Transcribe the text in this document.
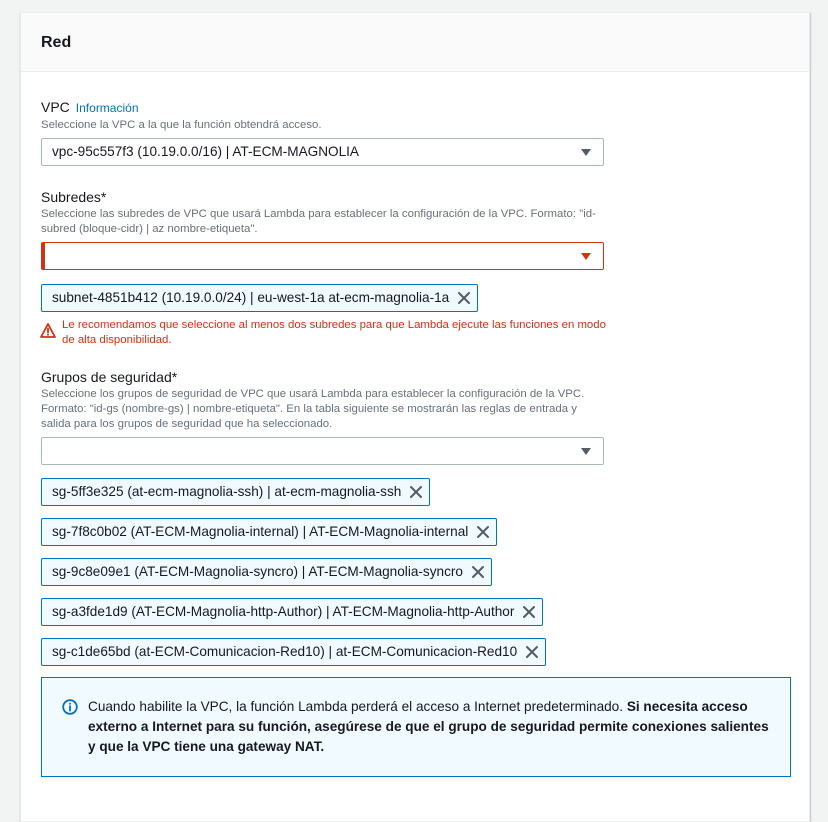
Red
VPC Información
Seleccione la VPC a la que la función obtendrá acceso.
vpc-95c557f3 (10.19.0.0/16) | AT-ECM-MAGNOLIA
Subredes*
Seleccione las subredes de VPC que usará Lambda para establecer la configuración de la VPC. Formato: "id-subred (bloque-cidr) | az nombre-etiqueta".
subnet-4851b412 (10.19.0.0/24) | eu-west-1a at-ecm-magnolia-1a
Le recomendamos que seleccione al menos dos subredes para que Lambda ejecute las funciones en modo de alta disponibilidad.
Grupos de seguridad*
Seleccione los grupos de seguridad de VPC que usará Lambda para establecer la configuración de la VPC. Formato: "id-gs (nombre-gs) | nombre-etiqueta". En la tabla siguiente se mostrarán las reglas de entrada y salida para los grupos de seguridad que ha seleccionado.
sg-5ff3e325 (at-ecm-magnolia-ssh) | at-ecm-magnolia-ssh
sg-7f8c0b02 (AT-ECM-Magnolia-internal) | AT-ECM-Magnolia-internal
sg-9c8e09e1 (AT-ECM-Magnolia-syncro) | AT-ECM-Magnolia-syncro
sg-a3fde1d9 (AT-ECM-Magnolia-http-Author) | AT-ECM-Magnolia-http-Author
sg-c1de65bd (at-ECM-Comunicacion-Red10) | at-ECM-Comunicacion-Red10
Cuando habilite la VPC, la función Lambda perderá el acceso a Internet predeterminado. Si necesita acceso externo a Internet para su función, asegúrese de que el grupo de seguridad permite conexiones salientes y que la VPC tiene una gateway NAT.
